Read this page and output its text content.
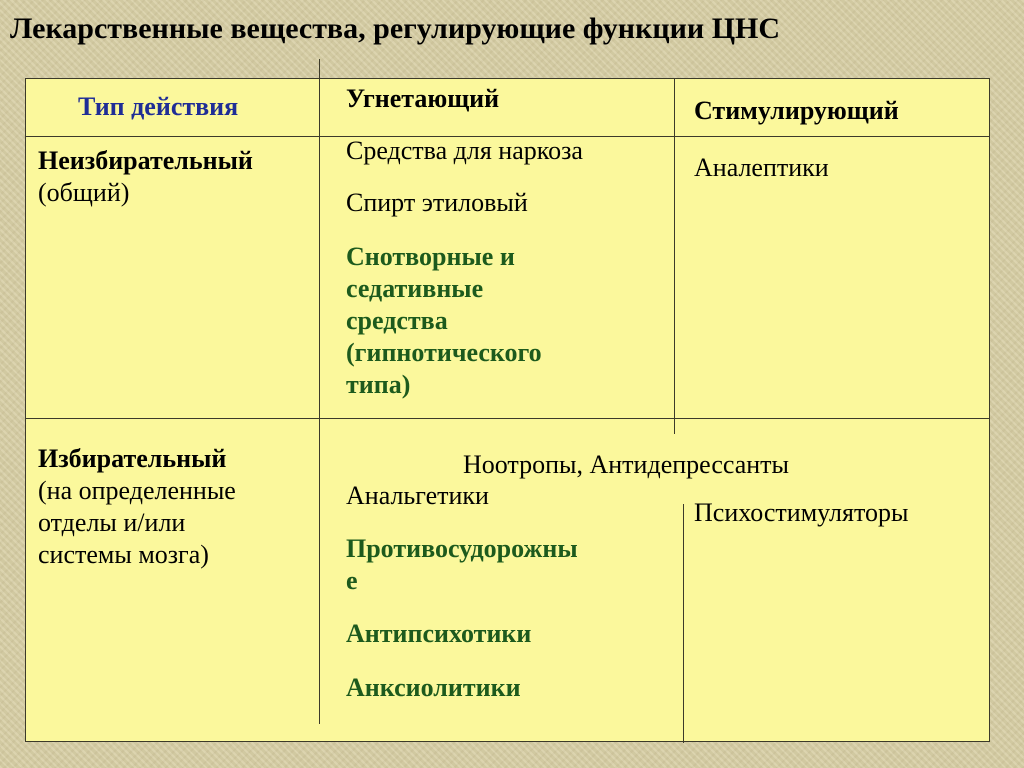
Лекарственные вещества, регулирующие функции ЦНС
Тип действия	Угнетающий	Стимулирующий
Неизбирательный
(общий)
Средства для наркоза
Спирт этиловый
Снотворные и
седативные
средства
(гипнотического
типа)
Аналептики
Избирательный
(на определенные
отделы и/или
системы мозга)
Ноотропы, Антидепрессанты
Анальгетики
Противосудорожны
е
Антипсихотики
Анксиолитики
Психостимуляторы
